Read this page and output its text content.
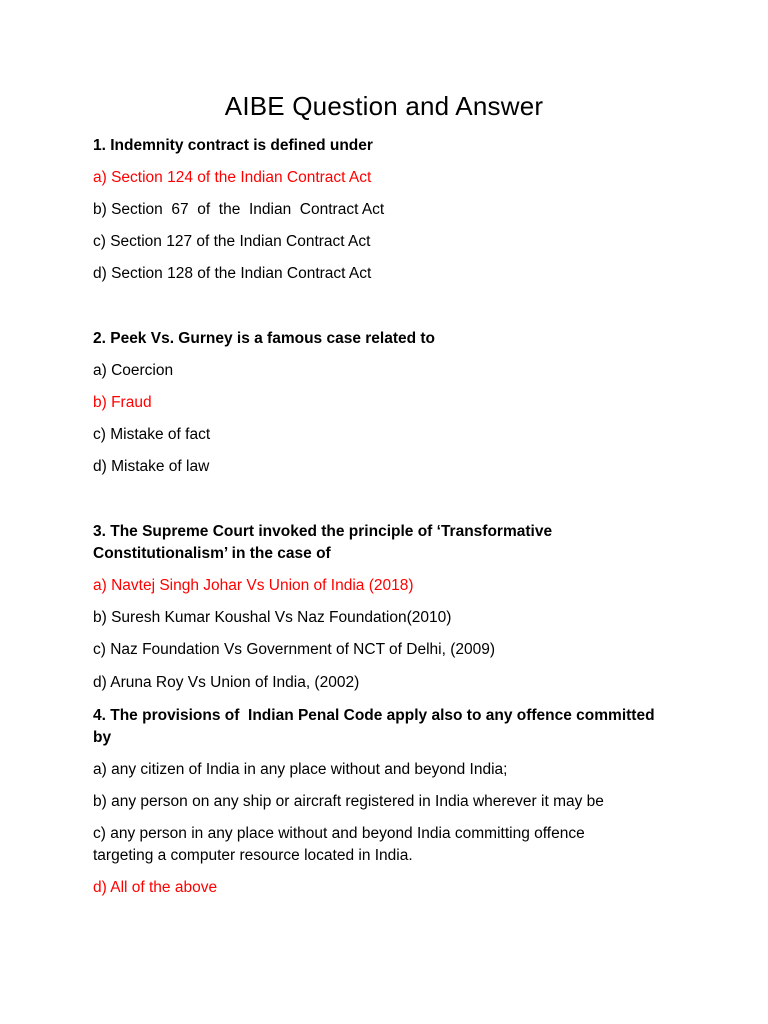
AIBE Question and Answer
1. Indemnity contract is defined under
a) Section 124 of the Indian Contract Act
b) Section  67  of  the  Indian  Contract Act
c) Section 127 of the Indian Contract Act
d) Section 128 of the Indian Contract Act
2. Peek Vs. Gurney is a famous case related to
a) Coercion
b) Fraud
c) Mistake of fact
d) Mistake of law
3. The Supreme Court invoked the principle of ‘Transformative
Constitutionalism’ in the case of
a) Navtej Singh Johar Vs Union of India (2018)
b) Suresh Kumar Koushal Vs Naz Foundation(2010)
c) Naz Foundation Vs Government of NCT of Delhi, (2009)
d) Aruna Roy Vs Union of India, (2002)
4. The provisions of  Indian Penal Code apply also to any offence committed
by
a) any citizen of India in any place without and beyond India;
b) any person on any ship or aircraft registered in India wherever it may be
c) any person in any place without and beyond India committing offence
targeting a computer resource located in India.
d) All of the above
